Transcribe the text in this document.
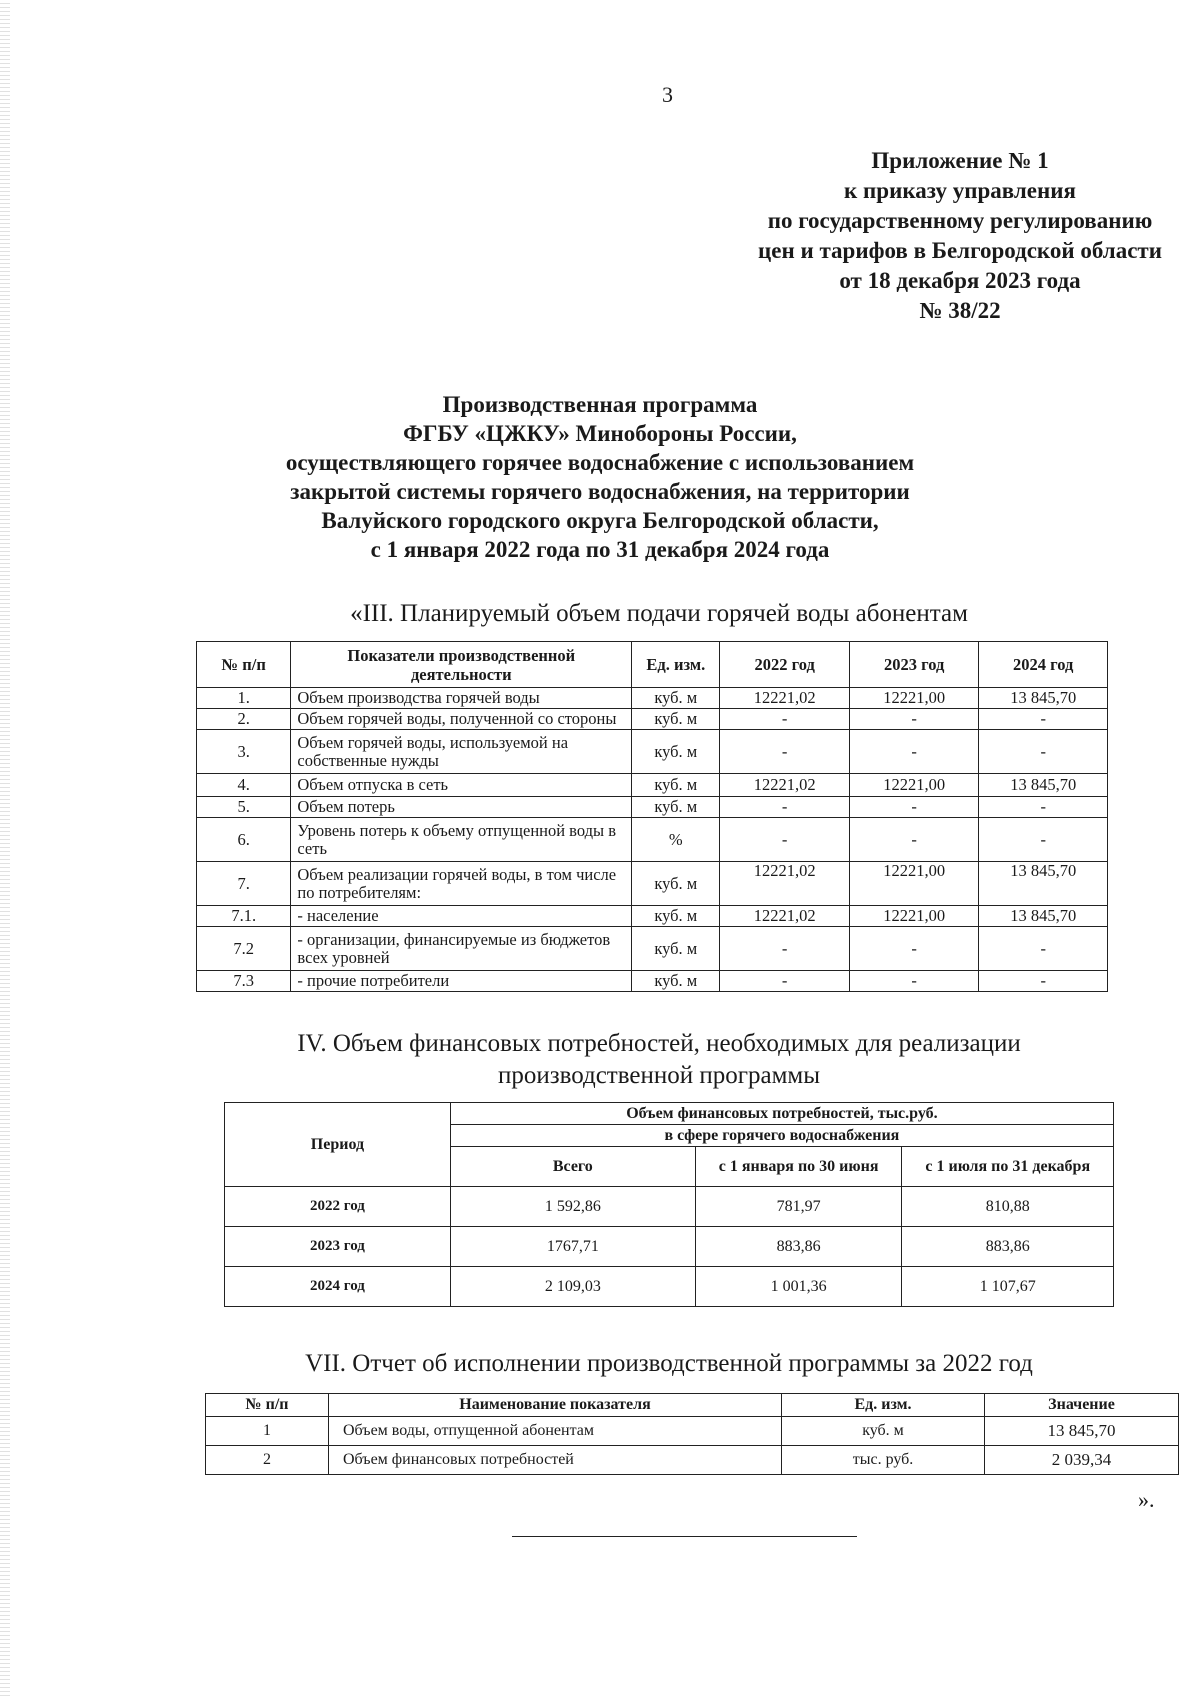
3
Приложение № 1
к приказу управления
по государственному регулированию
цен и тарифов в Белгородской области
от 18 декабря 2023 года
№ 38/22
Производственная программа
ФГБУ «ЦЖКУ» Минобороны России,
осуществляющего горячее водоснабжение с использованием
закрытой системы горячего водоснабжения, на территории
Валуйского городского округа Белгородской области,
с 1 января 2022 года по 31 декабря 2024 года
«III. Планируемый объем подачи горячей воды абонентам
№ п/п	Показатели производственной деятельности	Ед. изм.	2022 год	2023 год	2024 год
1.	Объем производства горячей воды	куб. м	12221,02	12221,00	13 845,70
2.	Объем горячей воды, полученной со стороны	куб. м	-	-	-
3.	Объем горячей воды, используемой на собственные нужды	куб. м	-	-	-
4.	Объем отпуска в сеть	куб. м	12221,02	12221,00	13 845,70
5.	Объем потерь	куб. м	-	-	-
6.	Уровень потерь к объему отпущенной воды в сеть	%	-	-	-
7.	Объем реализации горячей воды, в том числе по потребителям:	куб. м	12221,02	12221,00	13 845,70
7.1.	- население	куб. м	12221,02	12221,00	13 845,70
7.2	- организации, финансируемые из бюджетов всех уровней	куб. м	-	-	-
7.3	- прочие потребители	куб. м	-	-	-
IV. Объем финансовых потребностей, необходимых для реализации
производственной программы
Период	Объем финансовых потребностей, тыс.руб.		
	в сфере горячего водоснабжения		
	Всего	с 1 января по 30 июня	с 1 июля по 31 декабря
2022 год	1 592,86	781,97	810,88
2023 год	1767,71	883,86	883,86
2024 год	2 109,03	1 001,36	1 107,67
VII. Отчет об исполнении производственной программы за 2022 год
№ п/п	Наименование показателя	Ед. изм.	Значение
1	Объем воды, отпущенной абонентам	куб. м	13 845,70
2	Объем финансовых потребностей	тыс. руб.	2 039,34
».
